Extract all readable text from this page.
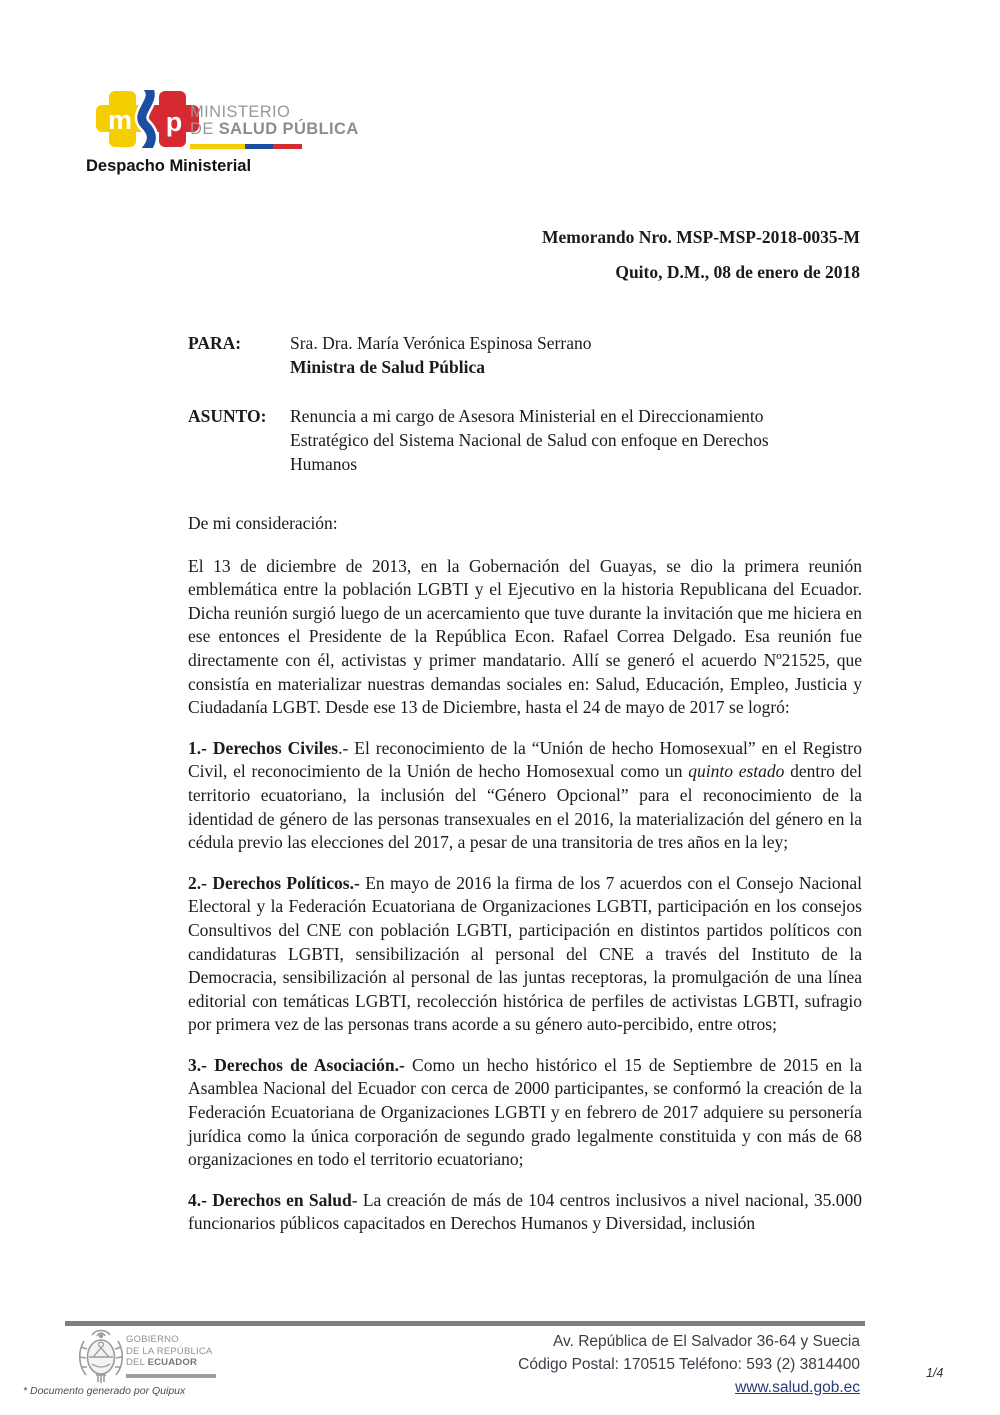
m p MINISTERIO
DE SALUD PÚBLICA
Despacho Ministerial
Memorando Nro. MSP-MSP-2018-0035-M
Quito, D.M., 08 de enero de 2018
PARA:	Sra. Dra. María Verónica Espinosa Serrano
Ministra de Salud Pública
ASUNTO:	Renuncia a mi cargo de Asesora Ministerial en el Direccionamiento Estratégico del Sistema Nacional de Salud con enfoque en Derechos Humanos

De mi consideración:

El 13 de diciembre de 2013, en la Gobernación del Guayas, se dio la primera reunión emblemática entre la población LGBTI y el Ejecutivo en la historia Republicana del Ecuador. Dicha reunión surgió luego de un acercamiento que tuve durante la invitación que me hiciera en ese entonces el Presidente de la República Econ. Rafael Correa Delgado. Esa reunión fue directamente con él, activistas y primer mandatario. Allí se generó el acuerdo Nº21525, que consistía en materializar nuestras demandas sociales en: Salud, Educación, Empleo, Justicia y Ciudadanía LGBT. Desde ese 13 de Diciembre, hasta el 24 de mayo de 2017 se logró:

1.- Derechos Civiles.- El reconocimiento de la “Unión de hecho Homosexual” en el Registro Civil, el reconocimiento de la Unión de hecho Homosexual como un quinto estado dentro del territorio ecuatoriano, la inclusión del “Género Opcional” para el reconocimiento de la identidad de género de las personas transexuales en el 2016, la materialización del género en la cédula previo las elecciones del 2017, a pesar de una transitoria de tres años en la ley;

2.- Derechos Políticos.- En mayo de 2016 la firma de los 7 acuerdos con el Consejo Nacional Electoral y la Federación Ecuatoriana de Organizaciones LGBTI, participación en los consejos Consultivos del CNE con población LGBTI, participación en distintos partidos políticos con candidaturas LGBTI, sensibilización al personal del CNE a través del Instituto de la Democracia, sensibilización al personal de las juntas receptoras, la promulgación de una línea editorial con temáticas LGBTI, recolección histórica de perfiles de activistas LGBTI, sufragio por primera vez de las personas trans acorde a su género auto-percibido, entre otros;

3.- Derechos de Asociación.- Como un hecho histórico el 15 de Septiembre de 2015 en la Asamblea Nacional del Ecuador con cerca de 2000 participantes, se conformó la creación de la Federación Ecuatoriana de Organizaciones LGBTI y en febrero de 2017 adquiere su personería jurídica como la única corporación de segundo grado legalmente constituida y con más de 68 organizaciones en todo el territorio ecuatoriano;

4.- Derechos en Salud- La creación de más de 104 centros inclusivos a nivel nacional, 35.000 funcionarios públicos capacitados en Derechos Humanos y Diversidad, inclusión

GOBIERNO
DE LA REPÚBLICA
DEL ECUADOR
* Documento generado por Quipux
Av. República de El Salvador 36-64 y Suecia
Código Postal: 170515 Teléfono: 593 (2) 3814400
www.salud.gob.ec
1/4
